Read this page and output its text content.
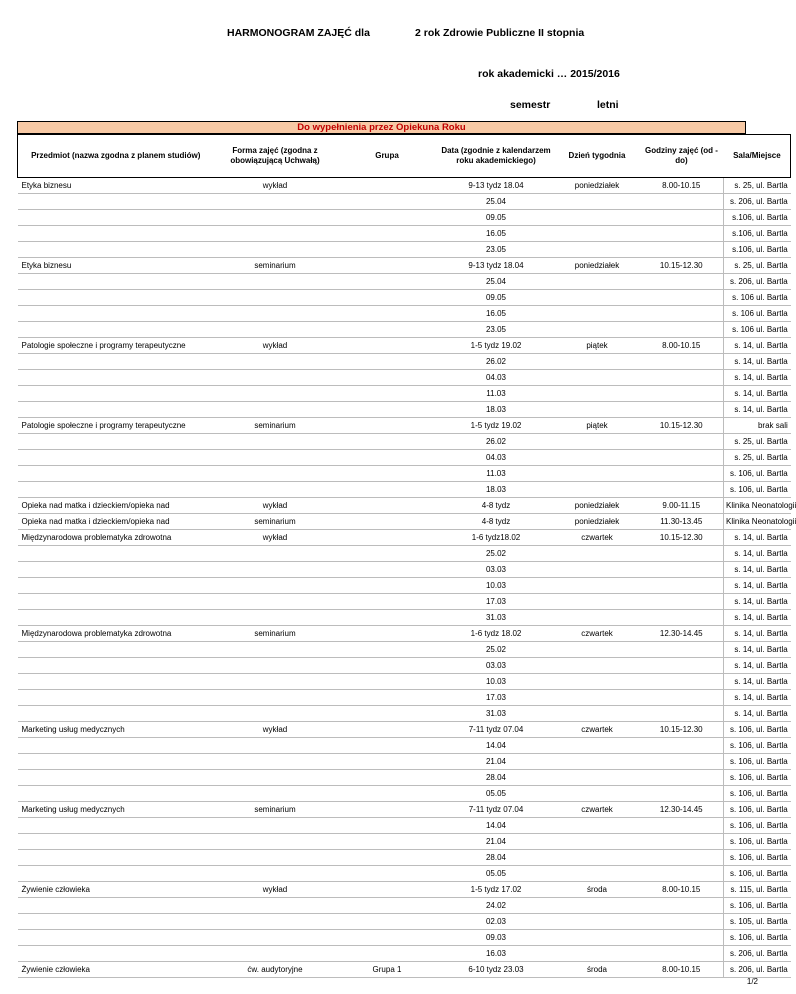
HARMONOGRAM ZAJĘĆ dla	2 rok Zdrowie Publiczne II stopnia
rok akademicki … 2015/2016
semestr	letni
Do wypełnienia przez Opiekuna Roku
Przedmiot (nazwa zgodna z planem studiów)	Forma zajęć (zgodna z obowiązującą Uchwałą)	Grupa	Data (zgodnie z kalendarzem roku akademickiego)	Dzień tygodnia	Godziny zajęć (od - do)	Sala/Miejsce
Etyka biznesu	wykład		9-13 tydz 18.04	poniedziałek	8.00-10.15	s. 25, ul. Bartla
			25.04			s. 206, ul. Bartla
			09.05			s.106, ul. Bartla
			16.05			s.106, ul. Bartla
			23.05			s.106, ul. Bartla
Etyka biznesu	seminarium		9-13 tydz 18.04	poniedziałek	10.15-12.30	s. 25, ul. Bartla
			25.04			s. 206, ul. Bartla
			09.05			s. 106 ul. Bartla
			16.05			s. 106 ul. Bartla
			23.05			s. 106 ul. Bartla
Patologie społeczne i programy terapeutyczne	wykład		1-5 tydz 19.02	piątek	8.00-10.15	s. 14, ul. Bartla
			26.02			s. 14, ul. Bartla
			04.03			s. 14, ul. Bartla
			11.03			s. 14, ul. Bartla
			18.03			s. 14, ul. Bartla
Patologie społeczne i programy terapeutyczne	seminarium		1-5 tydz 19.02	piątek	10.15-12.30	brak sali
			26.02			s. 25, ul. Bartla
			04.03			s. 25, ul. Bartla
			11.03			s. 106, ul. Bartla
			18.03			s. 106, ul. Bartla
Opieka nad matka i dzieckiem/opieka nad	wykład		4-8 tydz	poniedziałek	9.00-11.15	Klinika Neonatologii
Opieka nad matka i dzieckiem/opieka nad	seminarium		4-8 tydz	poniedziałek	11.30-13.45	Klinika Neonatologii
Międzynarodowa problematyka zdrowotna	wykład		1-6 tydz18.02	czwartek	10.15-12.30	s. 14, ul. Bartla
			25.02			s. 14, ul. Bartla
			03.03			s. 14, ul. Bartla
			10.03			s. 14, ul. Bartla
			17.03			s. 14, ul. Bartla
			31.03			s. 14, ul. Bartla
Międzynarodowa problematyka zdrowotna	seminarium		1-6 tydz 18.02	czwartek	12.30-14.45	s. 14, ul. Bartla
			25.02			s. 14, ul. Bartla
			03.03			s. 14, ul. Bartla
			10.03			s. 14, ul. Bartla
			17.03			s. 14, ul. Bartla
			31.03			s. 14, ul. Bartla
Marketing usług medycznych	wykład		7-11 tydz 07.04	czwartek	10.15-12.30	s. 106, ul. Bartla
			14.04			s. 106, ul. Bartla
			21.04			s. 106, ul. Bartla
			28.04			s. 106, ul. Bartla
			05.05			s. 106, ul. Bartla
Marketing usług medycznych	seminarium		7-11 tydz 07.04	czwartek	12.30-14.45	s. 106, ul. Bartla
			14.04			s. 106, ul. Bartla
			21.04			s. 106, ul. Bartla
			28.04			s. 106, ul. Bartla
			05.05			s. 106, ul. Bartla
Żywienie człowieka	wykład		1-5 tydz 17.02	środa	8.00-10.15	s. 115, ul. Bartla
			24.02			s. 106, ul. Bartla
			02.03			s. 105, ul. Bartla
			09.03			s. 106, ul. Bartla
			16.03			s. 206, ul. Bartla
Żywienie człowieka	ćw. audytoryjne	Grupa 1	6-10 tydz 23.03	środa	8.00-10.15	s. 206, ul. Bartla
1/2
